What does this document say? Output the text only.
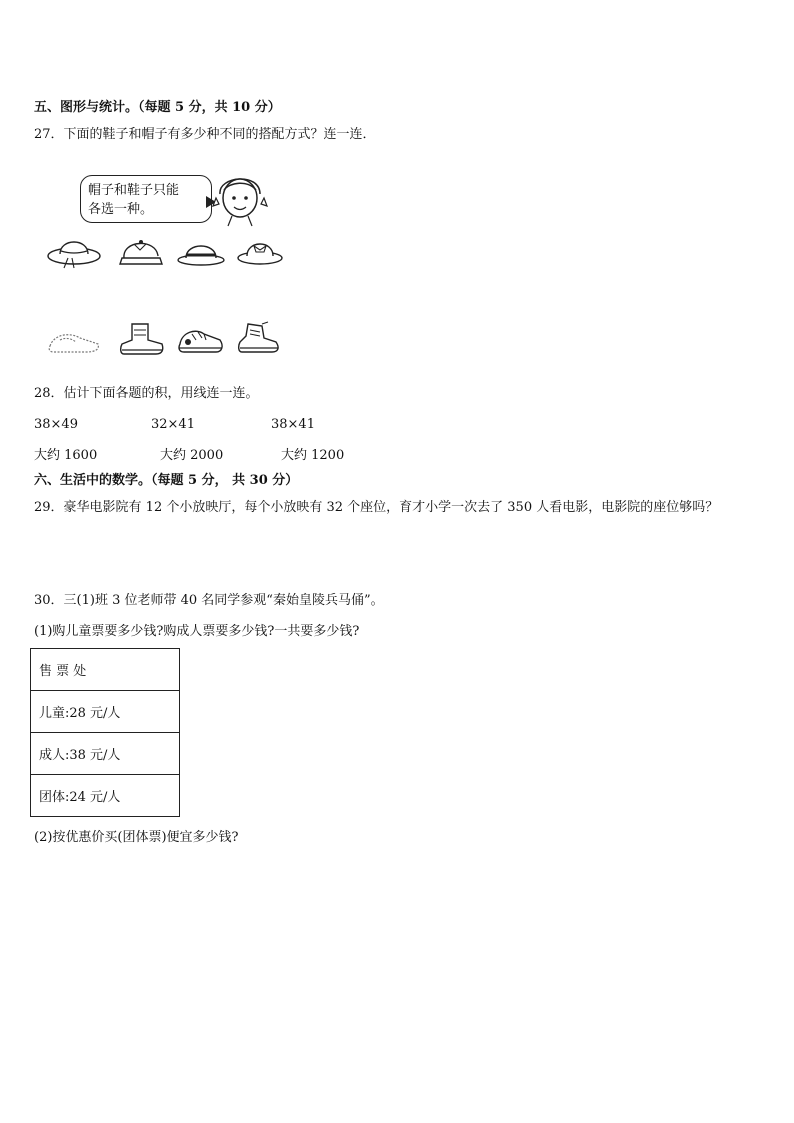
五、图形与统计。（每题 5 分，共 10 分）
27．下面的鞋子和帽子有多少种不同的搭配方式？连一连．
帽子和鞋子只能
各选一种。
28．估计下面各题的积，用线连一连。
38×49	32×41	38×41
大约 1600	大约 2000	大约 1200
六、生活中的数学。（每题 5 分， 共 30 分）
29．豪华电影院有 12 个小放映厅，每个小放映有 32 个座位，育才小学一次去了 350 人看电影，电影院的座位够吗？
30．三(1)班 3 位老师带 40 名同学参观“秦始皇陵兵马俑”。
(1)购儿童票要多少钱?购成人票要多少钱?一共要多少钱?
售 票 处
儿童:28 元/人
成人:38 元/人
团体:24 元/人
(2)按优惠价买(团体票)便宜多少钱?
